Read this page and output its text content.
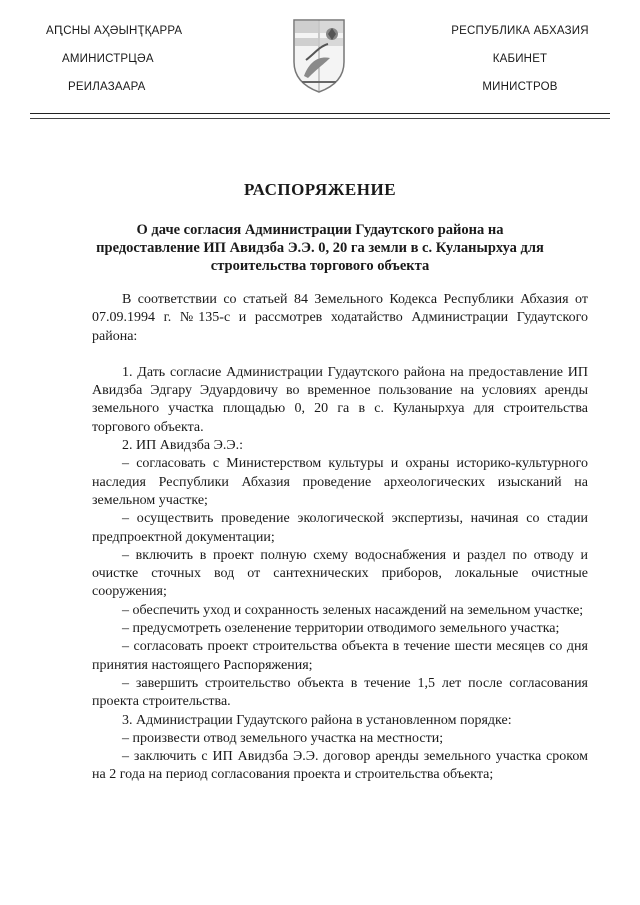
АԤСНЫ АҲӘЫНҬҚАРРА
АМИНИСТРЦӘА
РЕИЛАЗААРА
РЕСПУБЛИКА АБХАЗИЯ
КАБИНЕТ
МИНИСТРОВ
РАСПОРЯЖЕНИЕ
О даче согласия Администрации Гудаутского района на предоставление ИП Авидзба Э.Э. 0, 20 га земли в с. Куланырхуа для строительства торгового объекта

В соответствии со статьей 84 Земельного Кодекса Республики Абхазия от 07.09.1994 г. №135-с и рассмотрев ходатайство Администрации Гудаутского района:

1. Дать согласие Администрации Гудаутского района на предоставление ИП Авидзба Эдгару Эдуардовичу во временное пользование на условиях аренды земельного участка площадью 0, 20 га в с. Куланырхуа для строительства торгового объекта.

2. ИП Авидзба Э.Э.:

– согласовать с Министерством культуры и охраны историко-культурного наследия Республики Абхазия проведение археологических изысканий на земельном участке;

– осуществить проведение экологической экспертизы, начиная со стадии предпроектной документации;

– включить в проект полную схему водоснабжения и раздел по отводу и очистке сточных вод от сантехнических приборов, локальные очистные сооружения;

– обеспечить уход и сохранность зеленых насаждений на земельном участке;

– предусмотреть озеленение территории отводимого земельного участка;

– согласовать проект строительства объекта в течение шести месяцев со дня принятия настоящего Распоряжения;

– завершить строительство объекта в течение 1,5 лет после согласования проекта строительства.

3. Администрации Гудаутского района в установленном порядке:

– произвести отвод земельного участка на местности;

– заключить с ИП Авидзба Э.Э. договор аренды земельного участка сроком на 2 года на период согласования проекта и строительства объекта;
